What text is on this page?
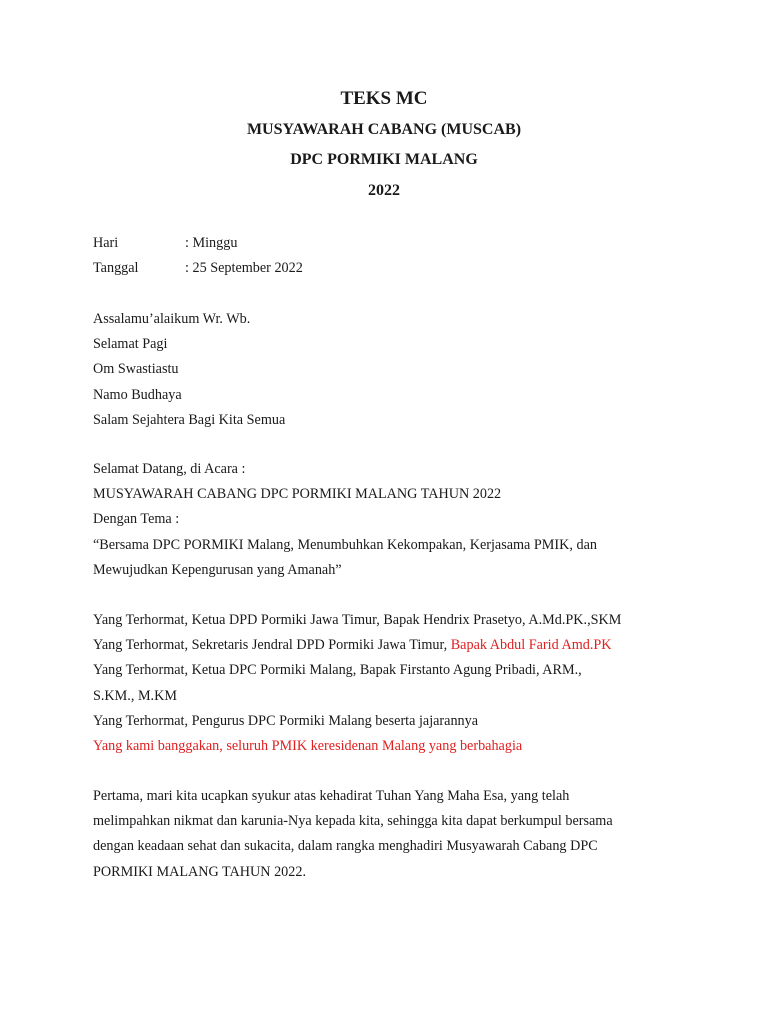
TEKS MC
MUSYAWARAH CABANG (MUSCAB)
DPC PORMIKI MALANG
2022
Hari	: Minggu
Tanggal	: 25 September 2022
Assalamu’alaikum Wr. Wb.
Selamat Pagi
Om Swastiastu
Namo Budhaya
Salam Sejahtera Bagi Kita Semua
Selamat Datang, di Acara :
MUSYAWARAH CABANG DPC PORMIKI MALANG TAHUN 2022
Dengan Tema :
“Bersama DPC PORMIKI Malang, Menumbuhkan Kekompakan, Kerjasama PMIK, dan
Mewujudkan Kepengurusan yang Amanah”
Yang Terhormat, Ketua DPD Pormiki Jawa Timur, Bapak Hendrix Prasetyo, A.Md.PK.,SKM
Yang Terhormat, Sekretaris Jendral DPD Pormiki Jawa Timur, Bapak Abdul Farid Amd.PK
Yang Terhormat, Ketua DPC Pormiki Malang, Bapak Firstanto Agung Pribadi, ARM.,
S.KM., M.KM
Yang Terhormat, Pengurus DPC Pormiki Malang beserta jajarannya
Yang kami banggakan, seluruh PMIK keresidenan Malang yang berbahagia
Pertama, mari kita ucapkan syukur atas kehadirat Tuhan Yang Maha Esa, yang telah
melimpahkan nikmat dan karunia-Nya kepada kita, sehingga kita dapat berkumpul bersama
dengan keadaan sehat dan sukacita, dalam rangka menghadiri Musyawarah Cabang DPC
PORMIKI MALANG TAHUN 2022.
